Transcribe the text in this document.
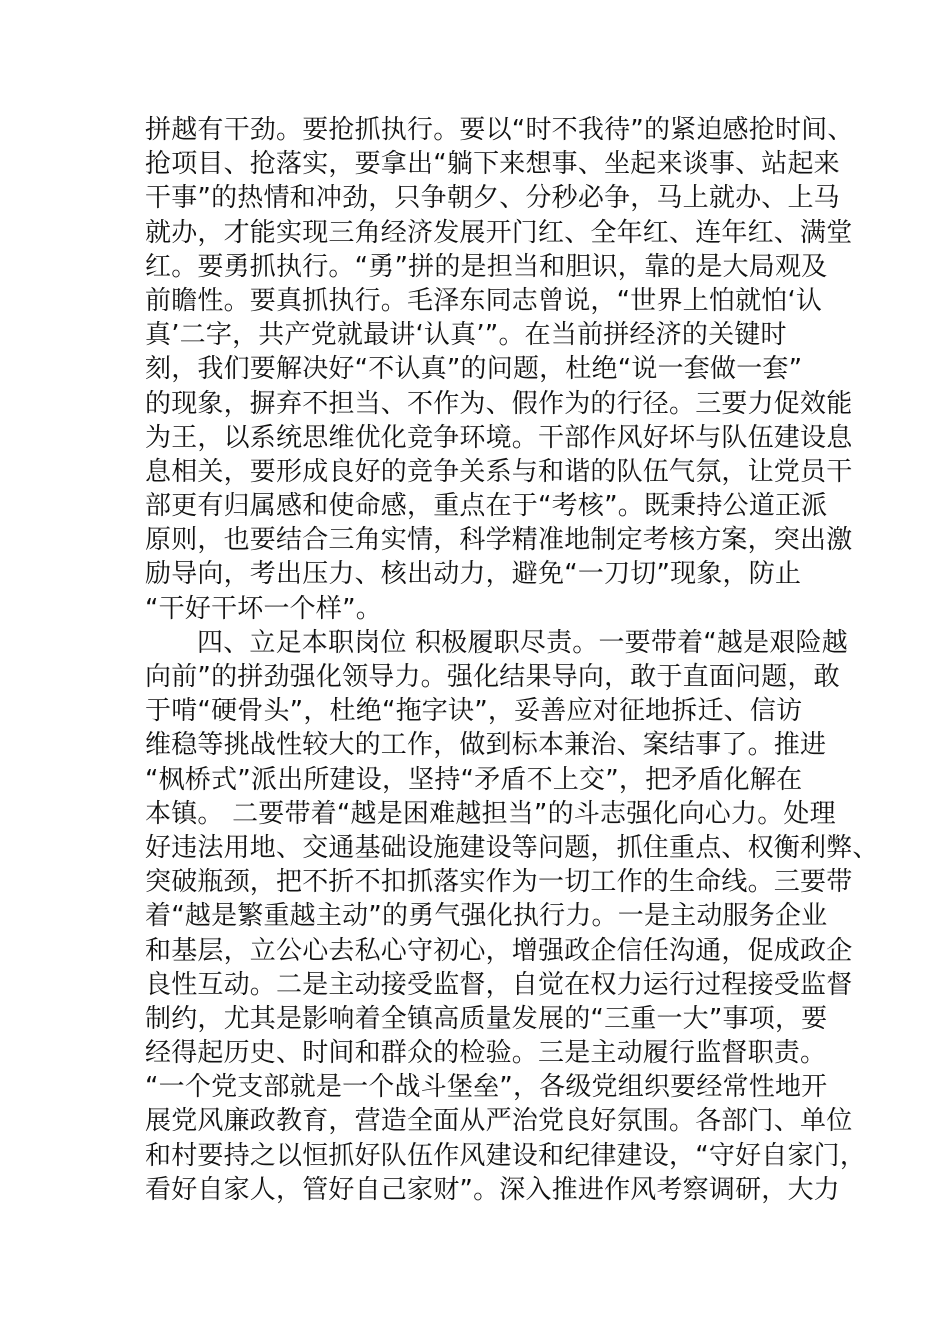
拼越有干劲。要抢抓执行。要以“时不我待”的紧迫感抢时间、
抢项目、抢落实，要拿出“躺下来想事、坐起来谈事、站起来
干事”的热情和冲劲，只争朝夕、分秒必争，马上就办、上马
就办，才能实现三角经济发展开门红、全年红、连年红、满堂
红。要勇抓执行。“勇”拼的是担当和胆识，靠的是大局观及
前瞻性。要真抓执行。毛泽东同志曾说，“世界上怕就怕‘认
真’二字，共产党就最讲‘认真’”。在当前拼经济的关键时
刻，我们要解决好“不认真”的问题，杜绝“说一套做一套”
的现象，摒弃不担当、不作为、假作为的行径。三要力促效能
为王，以系统思维优化竞争环境。干部作风好坏与队伍建设息
息相关，要形成良好的竞争关系与和谐的队伍气氛，让党员干
部更有归属感和使命感，重点在于“考核”。既秉持公道正派
原则，也要结合三角实情，科学精准地制定考核方案，突出激
励导向，考出压力、核出动力，避免“一刀切”现象，防止
“干好干坏一个样”。
四、立足本职岗位 积极履职尽责。一要带着“越是艰险越
向前”的拼劲强化领导力。强化结果导向，敢于直面问题，敢
于啃“硬骨头”，杜绝“拖字诀”，妥善应对征地拆迁、信访
维稳等挑战性较大的工作，做到标本兼治、案结事了。推进
“枫桥式”派出所建设，坚持“矛盾不上交”，把矛盾化解在
本镇。 二要带着“越是困难越担当”的斗志强化向心力。处理
好违法用地、交通基础设施建设等问题，抓住重点、权衡利弊、
突破瓶颈，把不折不扣抓落实作为一切工作的生命线。三要带
着“越是繁重越主动”的勇气强化执行力。一是主动服务企业
和基层，立公心去私心守初心，增强政企信任沟通，促成政企
良性互动。二是主动接受监督，自觉在权力运行过程接受监督
制约，尤其是影响着全镇高质量发展的“三重一大”事项，要
经得起历史、时间和群众的检验。三是主动履行监督职责。
“一个党支部就是一个战斗堡垒”，各级党组织要经常性地开
展党风廉政教育，营造全面从严治党良好氛围。各部门、单位
和村要持之以恒抓好队伍作风建设和纪律建设，“守好自家门，
看好自家人，管好自己家财”。深入推进作风考察调研，大力
